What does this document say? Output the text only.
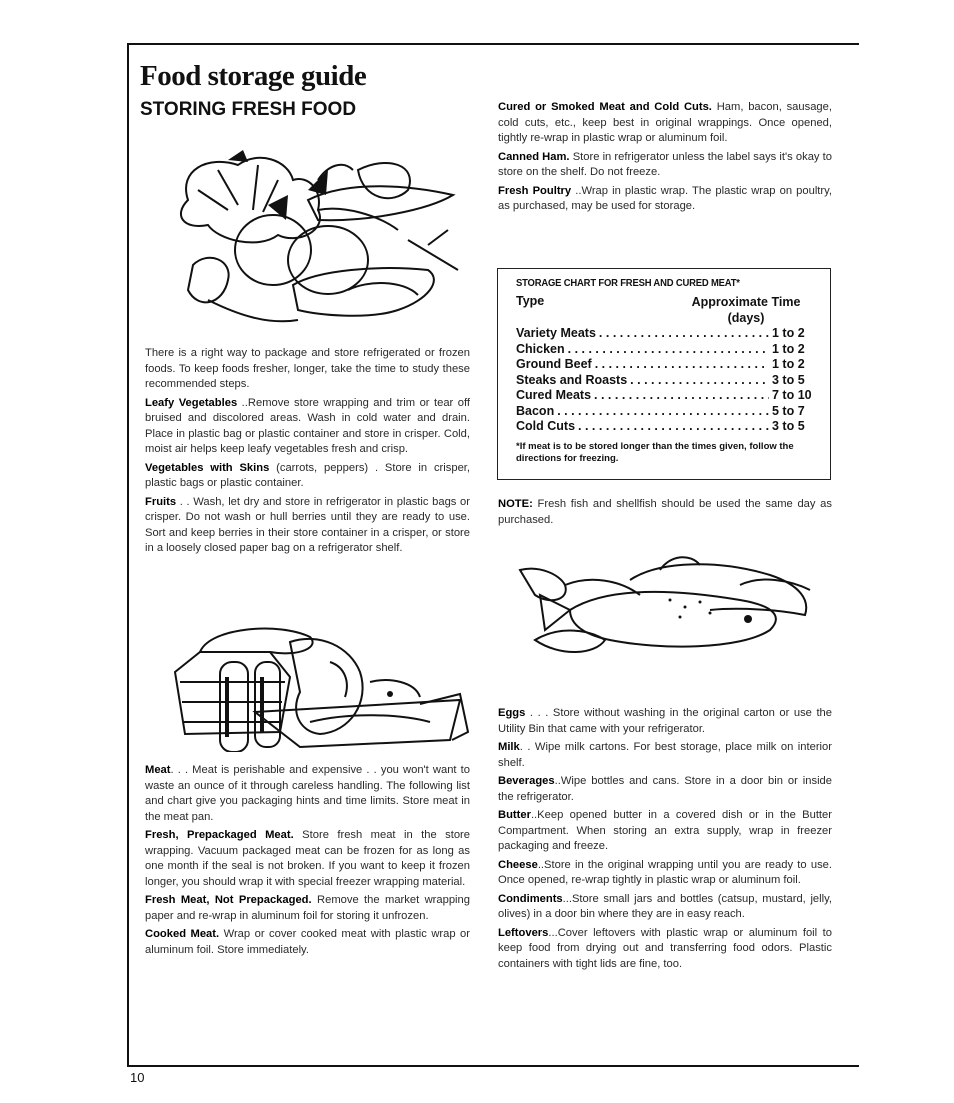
Food storage guide
STORING FRESH FOOD

There is a right way to package and store refrigerated or frozen foods. To keep foods fresher, longer, take the time to study these recommended steps.

Leafy Vegetables ..Remove store wrapping and trim or tear off bruised and discolored areas. Wash in cold water and drain. Place in plastic bag or plastic container and store in crisper. Cold, moist air helps keep leafy vegetables fresh and crisp.

Vegetables with Skins (carrots, peppers) . Store in crisper, plastic bags or plastic container.

Fruits . . Wash, let dry and store in refrigerator in plastic bags or crisper. Do not wash or hull berries until they are ready to use. Sort and keep berries in their store container in a crisper, or store in a loosely closed paper bag on a refrigerator shelf.

Meat. . . Meat is perishable and expensive . . you won't want to waste an ounce of it through careless handling. The following list and chart give you packaging hints and time limits. Store meat in the meat pan.

Fresh, Prepackaged Meat. Store fresh meat in the store wrapping. Vacuum packaged meat can be frozen for as long as one month if the seal is not broken. If you want to keep it frozen longer, you should wrap it with special freezer wrapping material.

Fresh Meat, Not Prepackaged. Remove the market wrapping paper and re-wrap in aluminum foil for storing it unfrozen.

Cooked Meat. Wrap or cover cooked meat with plastic wrap or aluminum foil. Store immediately.

Cured or Smoked Meat and Cold Cuts. Ham, bacon, sausage, cold cuts, etc., keep best in original wrappings. Once opened, tightly re-wrap in plastic wrap or aluminum foil.

Canned Ham. Store in refrigerator unless the label says it's okay to store on the shelf. Do not freeze.

Fresh Poultry ..Wrap in plastic wrap. The plastic wrap on poultry, as purchased, may be used for storage.

STORAGE CHART FOR FRESH AND CURED MEAT*
Type	Approximate Time
(days)
Variety Meats . . .	1 to 2
Chicken . . .	1 to 2
Ground Beef . . .	1 to 2
Steaks and Roasts . . .	3 to 5
Cured Meats . . .	7 to 10
Bacon . . .	5 to 7
Cold Cuts . . .	3 to 5
*If meat is to be stored longer than the times given, follow the directions for freezing.

NOTE: Fresh fish and shellfish should be used the same day as purchased.

Eggs . . . Store without washing in the original carton or use the Utility Bin that came with your refrigerator.

Milk. . Wipe milk cartons. For best storage, place milk on interior shelf.

Beverages..Wipe bottles and cans. Store in a door bin or inside the refrigerator.

Butter..Keep opened butter in a covered dish or in the Butter Compartment. When storing an extra supply, wrap in freezer packaging and freeze.

Cheese..Store in the original wrapping until you are ready to use. Once opened, re-wrap tightly in plastic wrap or aluminum foil.

Condiments...Store small jars and bottles (catsup, mustard, jelly, olives) in a door bin where they are in easy reach.

Leftovers...Cover leftovers with plastic wrap or aluminum foil to keep food from drying out and transferring food odors. Plastic containers with tight lids are fine, too.

10
